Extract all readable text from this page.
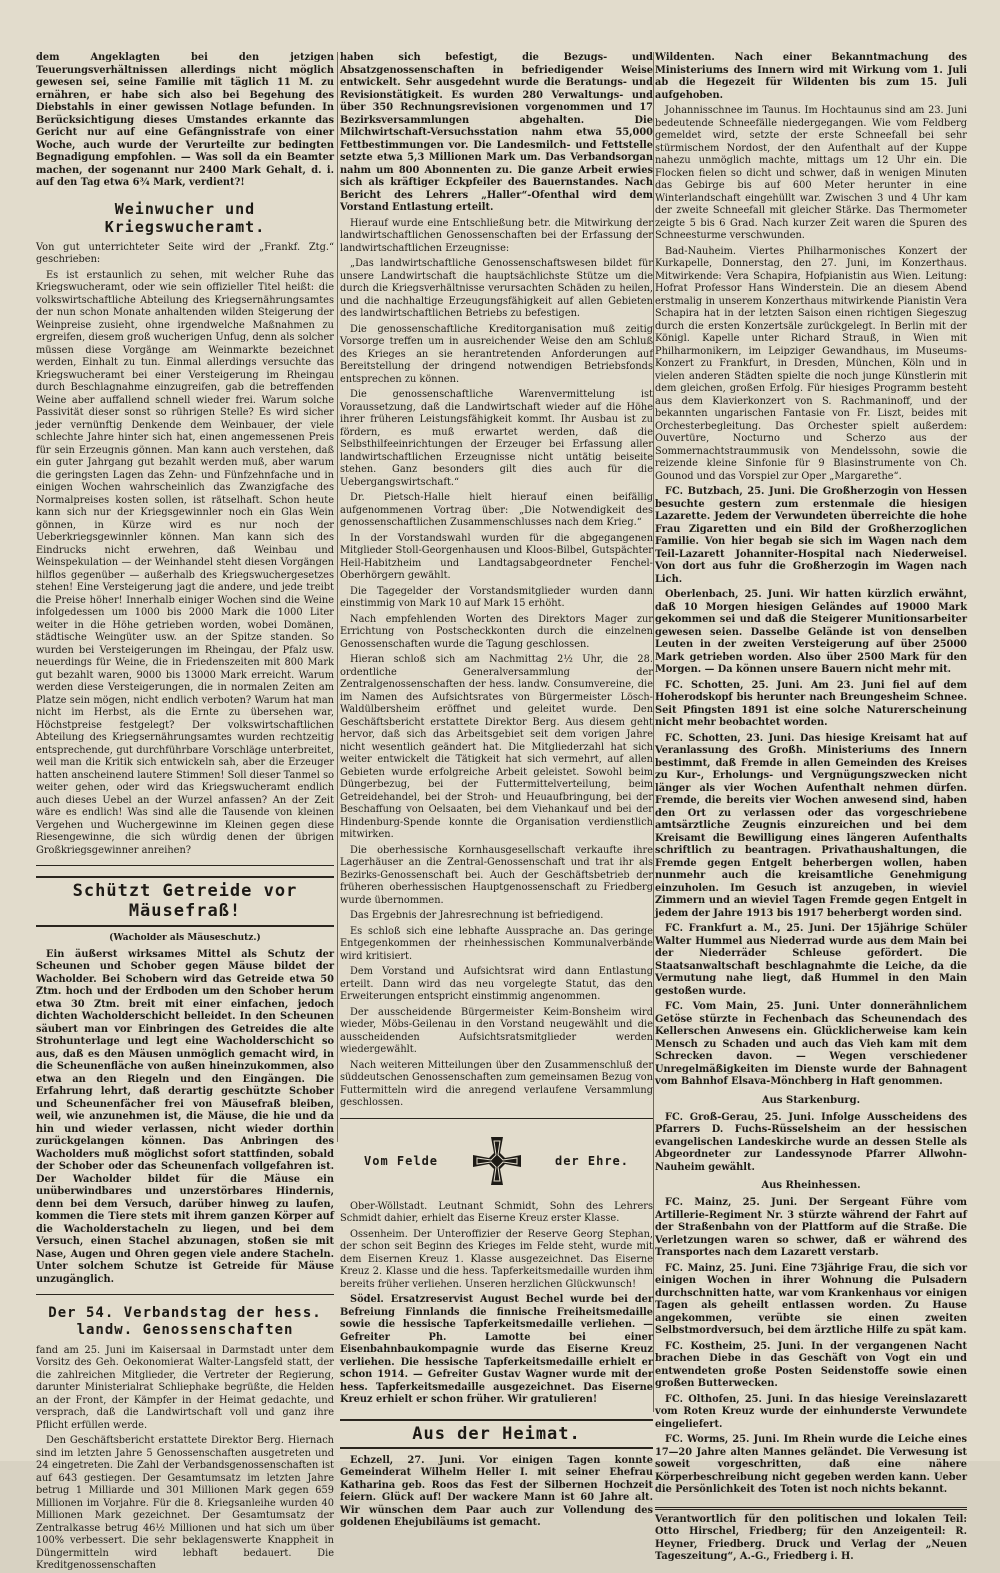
dem Angeklagten bei den jetzigen Teuerungsverhältnissen allerdings nicht möglich gewesen sei, seine Familie mit täglich 11 M. zu ernähren, er habe sich also bei Begehung des Diebstahls in einer gewissen Notlage befunden. In Berücksichtigung dieses Umstandes erkannte das Gericht nur auf eine Gefängnisstrafe von einer Woche, auch wurde der Verurteilte zur bedingten Begnadigung empfohlen. — Was soll da ein Beamter machen, der sogenannt nur 2400 Mark Gehalt, d. i. auf den Tag etwa 6¾ Mark, verdient?!

Weinwucher und Kriegswucheramt.

Von gut unterrichteter Seite wird der „Frankf. Ztg.“ geschrieben:

Es ist erstaunlich zu sehen, mit welcher Ruhe das Kriegswucheramt, oder wie sein offizieller Titel heißt: die volkswirtschaftliche Abteilung des Kriegsernährungsamtes der nun schon Monate anhaltenden wilden Steigerung der Weinpreise zusieht, ohne irgendwelche Maßnahmen zu ergreifen, diesem groß wucherigen Unfug, denn als solcher müssen diese Vorgänge am Weinmarkte bezeichnet werden, Einhalt zu tun. Einmal allerdings versuchte das Kriegswucheramt bei einer Versteigerung im Rheingau durch Beschlagnahme einzugreifen, gab die betreffenden Weine aber auffallend schnell wieder frei. Warum solche Passivität dieser sonst so rührigen Stelle? Es wird sicher jeder vernünftig Denkende dem Weinbauer, der viele schlechte Jahre hinter sich hat, einen angemessenen Preis für sein Erzeugnis gönnen. Man kann auch verstehen, daß ein guter Jahrgang gut bezahlt werden muß, aber warum die geringsten Lagen das Zehn- und Fünfzehnfache und in einigen Wochen wahrscheinlich das Zwanzigfache des Normalpreises kosten sollen, ist rätselhaft. Schon heute kann sich nur der Kriegsgewinnler noch ein Glas Wein gönnen, in Kürze wird es nur noch der Ueberkriegsgewinnler können. Man kann sich des Eindrucks nicht erwehren, daß Weinbau und Weinspekulation — der Weinhandel steht diesen Vorgängen hilflos gegenüber — außerhalb des Kriegswuchergesetzes stehen! Eine Versteigerung jagt die andere, und jede treibt die Preise höher! Innerhalb einiger Wochen sind die Weine infolgedessen um 1000 bis 2000 Mark die 1000 Liter weiter in die Höhe getrieben worden, wobei Domänen, städtische Weingüter usw. an der Spitze standen. So wurden bei Versteigerungen im Rheingau, der Pfalz usw. neuerdings für Weine, die in Friedenszeiten mit 800 Mark gut bezahlt waren, 9000 bis 13000 Mark erreicht. Warum werden diese Versteigerungen, die in normalen Zeiten am Platze sein mögen, nicht endlich verboten? Warum hat man nicht im Herbst, als die Ernte zu übersehen war, Höchstpreise festgelegt? Der volkswirtschaftlichen Abteilung des Kriegsernährungsamtes wurden rechtzeitig entsprechende, gut durchführbare Vorschläge unterbreitet, weil man die Kritik sich entwickeln sah, aber die Erzeuger hatten anscheinend lautere Stimmen! Soll dieser Tanmel so weiter gehen, oder wird das Kriegswucheramt endlich auch dieses Uebel an der Wurzel anfassen? An der Zeit wäre es endlich! Was sind alle die Tausende von kleinen Vergehen und Wuchergewinne im Kleinen gegen diese Riesengewinne, die sich würdig denen der übrigen Großkriegsgewinner anreihen?

Schützt Getreide vor Mäusefraß!
(Wacholder als Mäuseschutz.)

Ein äußerst wirksames Mittel als Schutz der Scheunen und Schober gegen Mäuse bildet der Wacholder. Bei Schobern wird das Getreide etwa 50 Ztm. hoch und der Erdboden um den Schober herum etwa 30 Ztm. breit mit einer einfachen, jedoch dichten Wacholderschicht belleidet. In den Scheunen säubert man vor Einbringen des Getreides die alte Strohunterlage und legt eine Wacholderschicht so aus, daß es den Mäusen unmöglich gemacht wird, in die Scheunenfläche von außen hineinzukommen, also etwa an den Riegeln und den Eingängen. Die Erfahrung lehrt, daß derartig geschützte Schober und Scheunenfächer frei von Mäusefraß bleiben, weil, wie anzunehmen ist, die Mäuse, die hie und da hin und wieder verlassen, nicht wieder dorthin zurückgelangen können. Das Anbringen des Wacholders muß möglichst sofort stattfinden, sobald der Schober oder das Scheunenfach vollgefahren ist. Der Wacholder bildet für die Mäuse ein unüberwindbares und unzerstörbares Hindernis, denn bei dem Versuch, darüber hinweg zu laufen, kommen die Tiere stets mit ihrem ganzen Körper auf die Wacholderstacheln zu liegen, und bei dem Versuch, einen Stachel abzunagen, stoßen sie mit Nase, Augen und Ohren gegen viele andere Stacheln. Unter solchem Schutze ist Getreide für Mäuse unzugänglich.

Der 54. Verbandstag der hess. landw. Genossenschaften

fand am 25. Juni im Kaisersaal in Darmstadt unter dem Vorsitz des Geh. Oekonomierat Walter-Langsfeld statt, der die zahlreichen Mitglieder, die Vertreter der Regierung, darunter Ministerialrat Schliephake begrüßte, die Helden an der Front, der Kämpfer in der Heimat gedachte, und versprach, daß die Landwirtschaft voll und ganz ihre Pflicht erfüllen werde.

Den Geschäftsbericht erstattete Direktor Berg. Hiernach sind im letzten Jahre 5 Genossenschaften ausgetreten und 24 eingetreten. Die Zahl der Verbandsgenossenschaften ist auf 643 gestiegen. Der Gesamtumsatz im letzten Jahre betrug 1 Milliarde und 301 Millionen Mark gegen 659 Millionen im Vorjahre. Für die 8. Kriegsanleihe wurden 40 Millionen Mark gezeichnet. Der Gesamtumsatz der Zentralkasse betrug 46½ Millionen und hat sich um über 100% verbessert. Die sehr beklagenswerte Knappheit in Düngermitteln wird lebhaft bedauert. Die Kreditgenossenschaften

haben sich befestigt, die Bezugs- und Absatzgenossenschaften in befriedigender Weise entwickelt. Sehr ausgedehnt wurde die Beratungs- und Revisionstätigkeit. Es wurden 280 Verwaltungs- und über 350 Rechnungsrevisionen vorgenommen und 17 Bezirksversammlungen abgehalten. Die Milchwirtschaft-Versuchsstation nahm etwa 55,000 Fettbestimmungen vor. Die Landesmilch- und Fettstelle setzte etwa 5,3 Millionen Mark um. Das Verbandsorgan nahm um 800 Abonnenten zu. Die ganze Arbeit erwies sich als kräftiger Eckpfeiler des Bauernstandes. Nach Bericht des Lehrers „Haller“-Ofenthal wird dem Vorstand Entlastung erteilt.

Hierauf wurde eine Entschließung betr. die Mitwirkung der landwirtschaftlichen Genossenschaften bei der Erfassung der landwirtschaftlichen Erzeugnisse:

„Das landwirtschaftliche Genossenschaftswesen bildet für unsere Landwirtschaft die hauptsächlichste Stütze um die durch die Kriegsverhältnisse verursachten Schäden zu heilen, und die nachhaltige Erzeugungsfähigkeit auf allen Gebieten des landwirtschaftlichen Betriebs zu befestigen.

Die genossenschaftliche Kreditorganisation muß zeitig Vorsorge treffen um in ausreichender Weise den am Schluß des Krieges an sie herantretenden Anforderungen auf Bereitstellung der dringend notwendigen Betriebsfonds entsprechen zu können.

Die genossenschaftliche Warenvermittelung ist Voraussetzung, daß die Landwirtschaft wieder auf die Höhe ihrer früheren Leistungsfähigkeit kommt. Ihr Ausbau ist zu fördern, es muß erwartet werden, daß die Selbsthilfeeinrichtungen der Erzeuger bei Erfassung aller landwirtschaftlichen Erzeugnisse nicht untätig beiseite stehen. Ganz besonders gilt dies auch für die Uebergangswirtschaft.“

Dr. Pietsch-Halle hielt hierauf einen beifällig aufgenommenen Vortrag über: „Die Notwendigkeit des genossenschaftlichen Zusammenschlusses nach dem Krieg.“

In der Vorstandswahl wurden für die abgegangenen Mitglieder Stoll-Georgenhausen und Kloos-Bilbel, Gutspächter Heil-Habitzheim und Landtagsabgeordneter Fenchel-Oberhörgern gewählt.

Die Tagegelder der Vorstandsmitglieder wurden dann einstimmig von Mark 10 auf Mark 15 erhöht.

Nach empfehlenden Worten des Direktors Mager zur Errichtung von Postscheckkonten durch die einzelnen Genossenschaften wurde die Tagung geschlossen.

Hieran schloß sich am Nachmittag 2½ Uhr, die 28. ordentliche Generalversammlung der Zentralgenossenschaften der hess. landw. Consumvereine, die im Namen des Aufsichtsrates von Bürgermeister Lösch-Waldülbersheim eröffnet und geleitet wurde. Den Geschäftsbericht erstattete Direktor Berg. Aus diesem geht hervor, daß sich das Arbeitsgebiet seit dem vorigen Jahre nicht wesentlich geändert hat. Die Mitgliederzahl hat sich weiter entwickelt die Tätigkeit hat sich vermehrt, auf allen Gebieten wurde erfolgreiche Arbeit geleistet. Sowohl beim Düngerbezug, bei der Futtermittelverteilung, beim Getreidehandel, bei der Stroh- und Heuaufbringung, bei der Beschaffung von Oelsaaten, bei dem Viehankauf und bei der Hindenburg-Spende konnte die Organisation verdienstlich mitwirken.

Die oberhessische Kornhausgesellschaft verkaufte ihre Lagerhäuser an die Zentral-Genossenschaft und trat ihr als Bezirks-Genossenschaft bei. Auch der Geschäftsbetrieb der früheren oberhessischen Hauptgenossenschaft zu Friedberg wurde übernommen.

Das Ergebnis der Jahresrechnung ist befriedigend.

Es schloß sich eine lebhafte Aussprache an. Das geringe Entgegenkommen der rheinhessischen Kommunalverbände wird kritisiert.

Dem Vorstand und Aufsichtsrat wird dann Entlastung erteilt. Dann wird das neu vorgelegte Statut, das den Erweiterungen entspricht einstimmig angenommen.

Der ausscheidende Bürgermeister Keim-Bonsheim wird wieder, Möbs-Geilenau in den Vorstand neugewählt und die ausscheidenden Aufsichtsratsmitglieder werden wiedergewählt.

Nach weiteren Mitteilungen über den Zusammenschluß der süddeutschen Genossenschaften zum gemeinsamen Bezug von Futtermitteln wird die anregend verlaufene Versammlung geschlossen.

Vom Felde	der Ehre.

Ober-Wöllstadt. Leutnant Schmidt, Sohn des Lehrers Schmidt dahier, erhielt das Eiserne Kreuz erster Klasse.

Ossenheim. Der Unteroffizier der Reserve Georg Stephan, der schon seit Beginn des Krieges im Felde steht, wurde mit dem Eisernen Kreuz 1. Klasse ausgezeichnet. Das Eiserne Kreuz 2. Klasse und die hess. Tapferkeitsmedaille wurden ihm bereits früher verliehen. Unseren herzlichen Glückwunsch!

Södel. Ersatzreservist August Bechel wurde bei der Befreiung Finnlands die finnische Freiheitsmedaille sowie die hessische Tapferkeitsmedaille verliehen. — Gefreiter Ph. Lamotte bei einer Eisenbahnbaukompagnie wurde das Eiserne Kreuz verliehen. Die hessische Tapferkeitsmedaille erhielt er schon 1914. — Gefreiter Gustav Wagner wurde mit der hess. Tapferkeitsmedaille ausgezeichnet. Das Eiserne Kreuz erhielt er schon früher. Wir gratulieren!

Aus der Heimat.

Echzell, 27. Juni. Vor einigen Tagen konnte Gemeinderat Wilhelm Heller I. mit seiner Ehefrau Katharina geb. Roos das Fest der Silbernen Hochzeit feiern. Glück auf! Der wackere Mann ist 60 Jahre alt. Wir wünschen dem Paar auch zur Vollendung des goldenen Ehejubiläums ist gemacht.

Wildenten. Nach einer Bekanntmachung des Ministeriums des Innern wird mit Wirkung vom 1. Juli ab die Hegezeit für Wildenten bis zum 15. Juli aufgehoben.

Johannisschnee im Taunus. Im Hochtaunus sind am 23. Juni bedeutende Schneefälle niedergegangen. Wie vom Feldberg gemeldet wird, setzte der erste Schneefall bei sehr stürmischem Nordost, der den Aufenthalt auf der Kuppe nahezu unmöglich machte, mittags um 12 Uhr ein. Die Flocken fielen so dicht und schwer, daß in wenigen Minuten das Gebirge bis auf 600 Meter herunter in eine Winterlandschaft eingehüllt war. Zwischen 3 und 4 Uhr kam der zweite Schneefall mit gleicher Stärke. Das Thermometer zeigte 5 bis 6 Grad. Nach kurzer Zeit waren die Spuren des Schneesturme verschwunden.

Bad-Nauheim. Viertes Philharmonisches Konzert der Kurkapelle, Donnerstag, den 27. Juni, im Konzerthaus. Mitwirkende: Vera Schapira, Hofpianistin aus Wien. Leitung: Hofrat Professor Hans Winderstein. Die an diesem Abend erstmalig in unserem Konzerthaus mitwirkende Pianistin Vera Schapira hat in der letzten Saison einen richtigen Siegeszug durch die ersten Konzertsäle zurückgelegt. In Berlin mit der Königl. Kapelle unter Richard Strauß, in Wien mit Philharmonikern, im Leipziger Gewandhaus, im Museums-Konzert zu Frankfurt, in Dresden, München, Köln und in vielen anderen Städten spielte die noch junge Künstlerin mit dem gleichen, großen Erfolg. Für hiesiges Programm besteht aus dem Klavierkonzert von S. Rachmaninoff, und der bekannten ungarischen Fantasie von Fr. Liszt, beides mit Orchesterbegleitung. Das Orchester spielt außerdem: Ouvertüre, Nocturno und Scherzo aus der Sommernachtstraummusik von Mendelssohn, sowie die reizende kleine Sinfonie für 9 Blasinstrumente von Ch. Gounod und das Vorspiel zur Oper „Margarethe“.

FC. Butzbach, 25. Juni. Die Großherzogin von Hessen besuchte gestern zum erstenmale die hiesigen Lazarette. Jedem der Verwundeten überreichte die hohe Frau Zigaretten und ein Bild der Großherzoglichen Familie. Von hier begab sie sich im Wagen nach dem Teil-Lazarett Johanniter-Hospital nach Niederweisel. Von dort aus fuhr die Großherzogin im Wagen nach Lich.

Oberlenbach, 25. Juni. Wir hatten kürzlich erwähnt, daß 10 Morgen hiesigen Geländes auf 19000 Mark gekommen sei und daß die Steigerer Munitionsarbeiter gewesen seien. Dasselbe Gelände ist von denselben Leuten in der zweiten Versteigerung auf über 25000 Mark getrieben worden. Also über 2500 Mark für den Morgen. — Da können unsere Bauern nicht mehr mit.

FC. Schotten, 25. Juni. Am 23. Juni fiel auf dem Hoherodskopf bis herunter nach Breungesheim Schnee. Seit Pfingsten 1891 ist eine solche Naturerscheinung nicht mehr beobachtet worden.

FC. Schotten, 23. Juni. Das hiesige Kreisamt hat auf Veranlassung des Großh. Ministeriums des Innern bestimmt, daß Fremde in allen Gemeinden des Kreises zu Kur-, Erholungs- und Vergnügungszwecken nicht länger als vier Wochen Aufenthalt nehmen dürfen. Fremde, die bereits vier Wochen anwesend sind, haben den Ort zu verlassen oder das vorgeschriebene amtsärztliche Zeugnis einzureichen und bei dem Kreisamt die Bewilligung eines längeren Aufenthalts schriftlich zu beantragen. Privathaushaltungen, die Fremde gegen Entgelt beherbergen wollen, haben nunmehr auch die kreisamtliche Genehmigung einzuholen. Im Gesuch ist anzugeben, in wieviel Zimmern und an wieviel Tagen Fremde gegen Entgelt in jedem der Jahre 1913 bis 1917 beherbergt worden sind.

FC. Frankfurt a. M., 25. Juni. Der 15jährige Schüler Walter Hummel aus Niederrad wurde aus dem Main bei der Niederräder Schleuse gefördert. Die Staatsanwaltschaft beschlagnahmte die Leiche, da die Vermutung nahe liegt, daß Hummel in den Main gestoßen wurde.

FC. Vom Main, 25. Juni. Unter donnerähnlichem Getöse stürzte in Fechenbach das Scheunendach des Kellerschen Anwesens ein. Glücklicherweise kam kein Mensch zu Schaden und auch das Vieh kam mit dem Schrecken davon. — Wegen verschiedener Unregelmäßigkeiten im Dienste wurde der Bahnagent vom Bahnhof Elsava-Mönchberg in Haft genommen.

Aus Starkenburg.

FC. Groß-Gerau, 25. Juni. Infolge Ausscheidens des Pfarrers D. Fuchs-Rüsselsheim an der hessischen evangelischen Landeskirche wurde an dessen Stelle als Abgeordneter zur Landessynode Pfarrer Allwohn-Nauheim gewählt.

Aus Rheinhessen.

FC. Mainz, 25. Juni. Der Sergeant Führe vom Artillerie-Regiment Nr. 3 stürzte während der Fahrt auf der Straßenbahn von der Plattform auf die Straße. Die Verletzungen waren so schwer, daß er während des Transportes nach dem Lazarett verstarb.

FC. Mainz, 25. Juni. Eine 73jährige Frau, die sich vor einigen Wochen in ihrer Wohnung die Pulsadern durchschnitten hatte, war vom Krankenhaus vor einigen Tagen als geheilt entlassen worden. Zu Hause angekommen, verübte sie einen zweiten Selbstmordversuch, bei dem ärztliche Hilfe zu spät kam.

FC. Kostheim, 25. Juni. In der vergangenen Nacht brachen Diebe in das Geschäft von Vogt ein und entwendeten große Posten Seidenstoffe sowie einen großen Butterwecken.

FC. Olthofen, 25. Juni. In das hiesige Vereinslazarett vom Roten Kreuz wurde der einhunderste Verwundete eingeliefert.

FC. Worms, 25. Juni. Im Rhein wurde die Leiche eines 17—20 Jahre alten Mannes geländet. Die Verwesung ist soweit vorgeschritten, daß eine nähere Körperbeschreibung nicht gegeben werden kann. Ueber die Persönlichkeit des Toten ist noch nichts bekannt.

Verantwortlich für den politischen und lokalen Teil: Otto Hirschel, Friedberg; für den Anzeigenteil: R. Heyner, Friedberg. Druck und Verlag der „Neuen Tageszeitung“, A.-G., Friedberg i. H.
